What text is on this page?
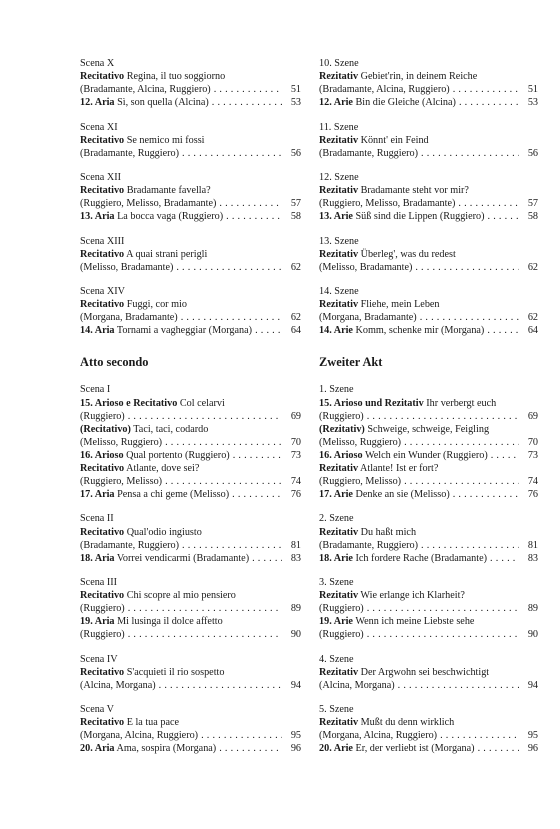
Scena X
Recitativo Regina, il tuo soggiorno
(Bradamante, Alcina, Ruggiero) . . .	51
12. Aria Sì, son quella (Alcina) . . .	53
Scena XI
Recitativo Se nemico mi fossi
(Bradamante, Ruggiero) . . .	56
Scena XII
Recitativo Bradamante favella?
(Ruggiero, Melisso, Bradamante) . . .	57
13. Aria La bocca vaga (Ruggiero) . . .	58
Scena XIII
Recitativo A quai strani perigli
(Melisso, Bradamante) . . .	62
Scena XIV
Recitativo Fuggi, cor mio
(Morgana, Bradamante) . . .	62
14. Aria Tornami a vagheggiar (Morgana) . . .	64
Atto secondo
Scena I
15. Arioso e Recitativo Col celarvi
(Ruggiero) . . .	69
(Recitativo) Taci, taci, codardo
(Melisso, Ruggiero) . . .	70
16. Arioso Qual portento (Ruggiero) . . .	73
Recitativo Atlante, dove sei?
(Ruggiero, Melisso) . . .	74
17. Aria Pensa a chi geme (Melisso) . . .	76
Scena II
Recitativo Qual'odio ingiusto
(Bradamante, Ruggiero) . . .	81
18. Aria Vorrei vendicarmi (Bradamante) . . .	83
Scena III
Recitativo Chi scopre al mio pensiero
(Ruggiero) . . .	89
19. Aria Mi lusinga il dolce affetto
(Ruggiero) . . .	90
Scena IV
Recitativo S'acquieti il rio sospetto
(Alcina, Morgana) . . .	94
Scena V
Recitativo E la tua pace
(Morgana, Alcina, Ruggiero) . . .	95
20. Aria Ama, sospira (Morgana) . . .	96
10. Szene
Rezitativ Gebiet'rin, in deinem Reiche
(Bradamante, Alcina, Ruggiero) . . .	51
12. Arie Bin die Gleiche (Alcina) . . .	53
11. Szene
Rezitativ Könnt' ein Feind
(Bradamante, Ruggiero) . . .	56
12. Szene
Rezitativ Bradamante steht vor mir?
(Ruggiero, Melisso, Bradamante) . . .	57
13. Arie Süß sind die Lippen (Ruggiero) . . .	58
13. Szene
Rezitativ Überleg', was du redest
(Melisso, Bradamante) . . .	62
14. Szene
Rezitativ Fliehe, mein Leben
(Morgana, Bradamante) . . .	62
14. Arie Komm, schenke mir (Morgana) . . .	64
Zweiter Akt
1. Szene
15. Arioso und Rezitativ Ihr verbergt euch
(Ruggiero) . . .	69
(Rezitativ) Schweige, schweige, Feigling
(Melisso, Ruggiero) . . .	70
16. Arioso Welch ein Wunder (Ruggiero) . . .	73
Rezitativ Atlante! Ist er fort?
(Ruggiero, Melisso) . . .	74
17. Arie Denke an sie (Melisso) . . .	76
2. Szene
Rezitativ Du haßt mich
(Bradamante, Ruggiero) . . .	81
18. Arie Ich fordere Rache (Bradamante) . . .	83
3. Szene
Rezitativ Wie erlange ich Klarheit?
(Ruggiero) . . .	89
19. Arie Wenn ich meine Liebste sehe
(Ruggiero) . . .	90
4. Szene
Rezitativ Der Argwohn sei beschwichtigt
(Alcina, Morgana) . . .	94
5. Szene
Rezitativ Mußt du denn wirklich
(Morgana, Alcina, Ruggiero) . . .	95
20. Arie Er, der verliebt ist (Morgana) . . .	96
